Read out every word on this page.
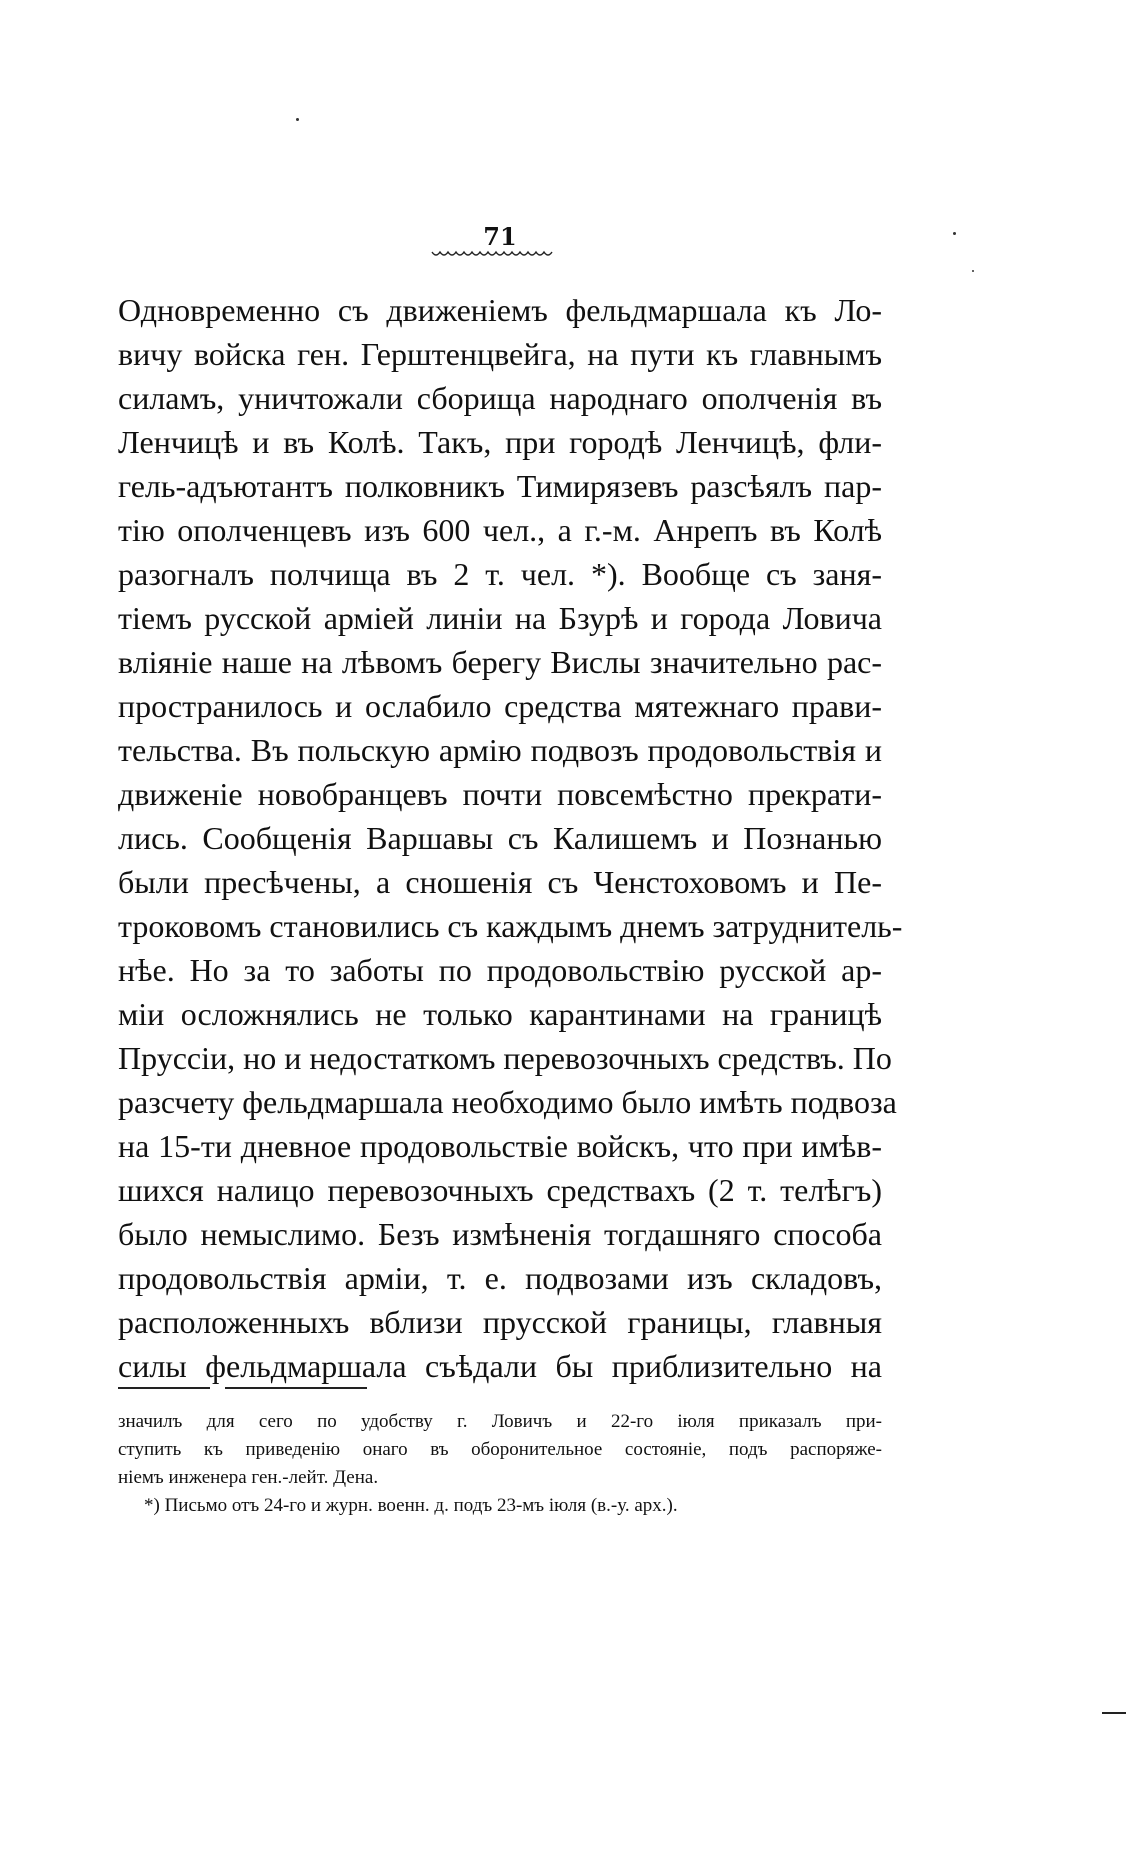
71
Одновременно съ движеніемъ фельдмаршала къ Ло-
вичу войска ген. Герштенцвейга, на пути къ главнымъ
силамъ, уничтожали сборища народнаго ополченія въ
Ленчицѣ и въ Колѣ. Такъ, при городѣ Ленчицѣ, фли-
гель-адъютантъ полковникъ Тимирязевъ разсѣялъ пар-
тію ополченцевъ изъ 600 чел., а г.-м. Анрепъ въ Колѣ
разогналъ полчища въ 2 т. чел. *). Вообще съ заня-
тіемъ русской арміей линіи на Бзурѣ и города Ловича
вліяніе наше на лѣвомъ берегу Вислы значительно рас-
пространилось и ослабило средства мятежнаго прави-
тельства. Въ польскую армію подвозъ продовольствія и
движеніе новобранцевъ почти повсемѣстно прекрати-
лись. Сообщенія Варшавы съ Калишемъ и Познанью
были пресѣчены, а сношенія съ Ченстоховомъ и Пе-
троковомъ становились съ каждымъ днемъ затруднитель-
нѣе. Но за то заботы по продовольствію русской ар-
міи осложнялись не только карантинами на границѣ
Пруссіи, но и недостаткомъ перевозочныхъ средствъ. По
разсчету фельдмаршала необходимо было имѣть подвоза
на 15-ти дневное продовольствіе войскъ, что при имѣв-
шихся налицо перевозочныхъ средствахъ (2 т. телѣгъ)
было немыслимо. Безъ измѣненія тогдашняго способа
продовольствія арміи, т. е. подвозами изъ складовъ,
расположенныхъ вблизи прусской границы, главныя
силы фельдмаршала съѣдали бы приблизительно на
значилъ для сего по удобству г. Ловичъ и 22-го іюля приказалъ при-
ступить къ приведенію онаго въ оборонительное состояніе, подъ распоряже-
ніемъ инженера ген.-лейт. Дена.
*) Письмо отъ 24-го и журн. военн. д. подъ 23-мъ іюля (в.-у. арх.).
